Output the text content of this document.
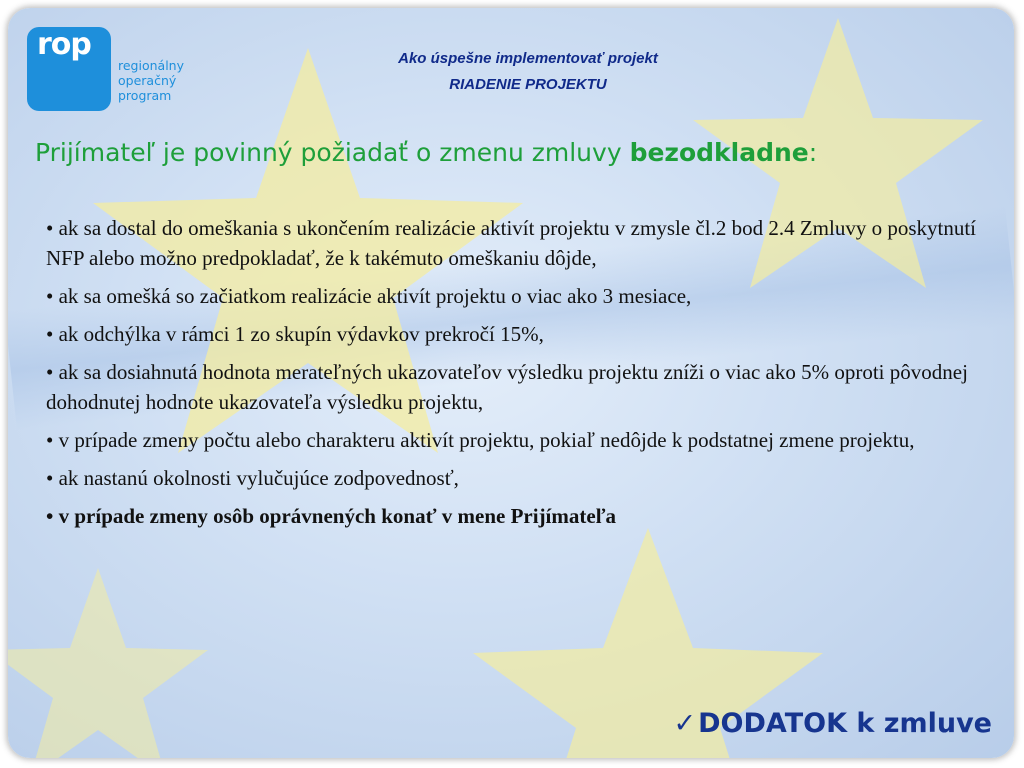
rop
regionálny
operačný
program
Ako úspešne implementovať projekt
RIADENIE PROJEKTU
Prijímateľ je povinný požiadať o zmenu zmluvy bezodkladne:
• ak sa dostal do omeškania s ukončením realizácie aktivít projektu v zmysle čl.2 bod 2.4 Zmluvy o poskytnutí NFP alebo možno predpokladať, že k takémuto omeškaniu dôjde,
• ak sa omešká so začiatkom realizácie aktivít projektu o viac ako 3 mesiace,
• ak odchýlka v rámci 1 zo skupín výdavkov prekročí 15%,
• ak sa dosiahnutá hodnota merateľných ukazovateľov výsledku projektu zníži o viac ako 5% oproti pôvodnej dohodnutej hodnote ukazovateľa výsledku projektu,
• v prípade zmeny počtu alebo charakteru aktivít projektu, pokiaľ nedôjde k podstatnej zmene projektu,
• ak nastanú okolnosti vylučujúce zodpovednosť,
• v prípade zmeny osôb oprávnených konať v mene Prijímateľa
✓DODATOK k zmluve
